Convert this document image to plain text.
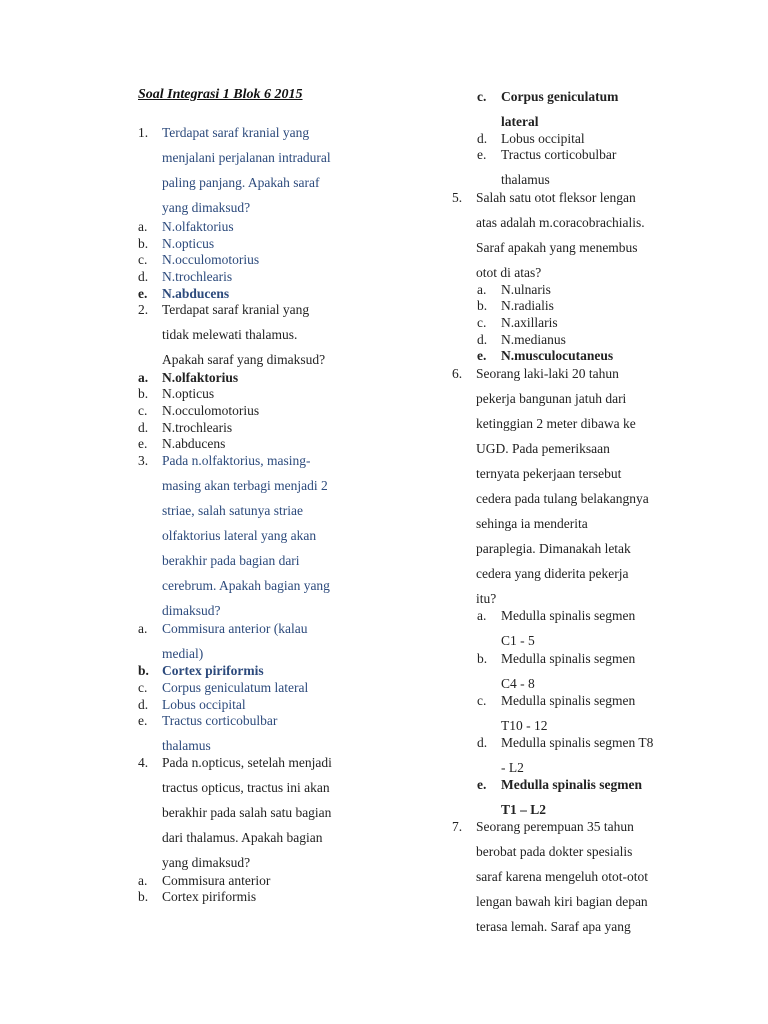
Soal Integrasi 1 Blok 6 2015
1. Terdapat saraf kranial yang
menjalani perjalanan intradural
paling panjang. Apakah saraf
yang dimaksud?
a. N.olfaktorius
b. N.opticus
c. N.occulomotorius
d. N.trochlearis
e. N.abducens
2. Terdapat saraf kranial yang
tidak melewati thalamus.
Apakah saraf yang dimaksud?
a. N.olfaktorius
b. N.opticus
c. N.occulomotorius
d. N.trochlearis
e. N.abducens
3. Pada n.olfaktorius, masing-
masing akan terbagi menjadi 2
striae, salah satunya striae
olfaktorius lateral yang akan
berakhir pada bagian dari
cerebrum. Apakah bagian yang
dimaksud?
a. Commisura anterior (kalau
medial)
b. Cortex piriformis
c. Corpus geniculatum lateral
d. Lobus occipital
e. Tractus corticobulbar
thalamus
4. Pada n.opticus, setelah menjadi
tractus opticus, tractus ini akan
berakhir pada salah satu bagian
dari thalamus. Apakah bagian
yang dimaksud?
a. Commisura anterior
b. Cortex piriformis
c. Corpus geniculatum
lateral
d. Lobus occipital
e. Tractus corticobulbar
thalamus
5. Salah satu otot fleksor lengan
atas adalah m.coracobrachialis.
Saraf apakah yang menembus
otot di atas?
a. N.ulnaris
b. N.radialis
c. N.axillaris
d. N.medianus
e. N.musculocutaneus
6. Seorang laki-laki 20 tahun
pekerja bangunan jatuh dari
ketinggian 2 meter dibawa ke
UGD. Pada pemeriksaan
ternyata pekerjaan tersebut
cedera pada tulang belakangnya
sehinga ia menderita
paraplegia. Dimanakah letak
cedera yang diderita pekerja
itu?
a. Medulla spinalis segmen
C1 - 5
b. Medulla spinalis segmen
C4 - 8
c. Medulla spinalis segmen
T10 - 12
d. Medulla spinalis segmen T8
- L2
e. Medulla spinalis segmen
T1 – L2
7. Seorang perempuan 35 tahun
berobat pada dokter spesialis
saraf karena mengeluh otot-otot
lengan bawah kiri bagian depan
terasa lemah. Saraf apa yang
